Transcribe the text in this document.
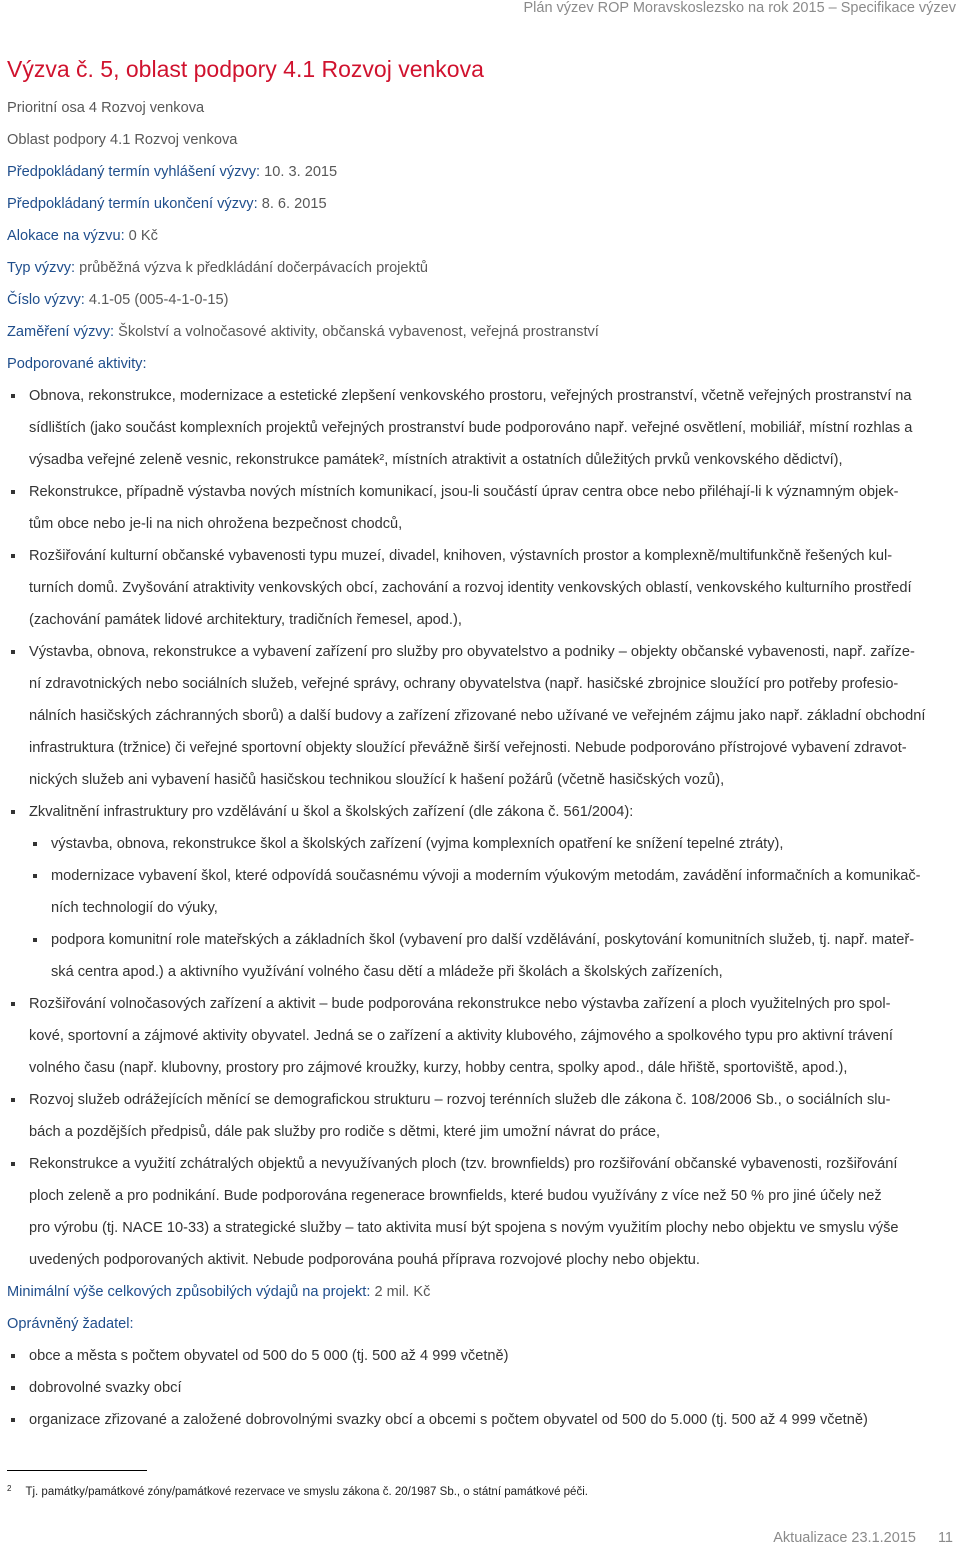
Plán výzev ROP Moravskoslezsko na rok 2015 – Specifikace výzev
Výzva č. 5, oblast podpory 4.1 Rozvoj venkova

Prioritní osa 4 Rozvoj venkova

Oblast podpory 4.1 Rozvoj venkova

Předpokládaný termín vyhlášení výzvy: 10. 3. 2015

Předpokládaný termín ukončení výzvy: 8. 6. 2015

Alokace na výzvu: 0 Kč

Typ výzvy: průběžná výzva k předkládání dočerpávacích projektů

Číslo výzvy: 4.1-05 (005-4-1-0-15)

Zaměření výzvy: Školství a volnočasové aktivity, občanská vybavenost, veřejná prostranství

Podporované aktivity:

Obnova, rekonstrukce, modernizace a estetické zlepšení venkovského prostoru, veřejných prostranství, včetně veřejných prostranství na
sídlištích (jako součást komplexních projektů veřejných prostranství bude podporováno např. veřejné osvětlení, mobiliář, místní rozhlas a
výsadba veřejné zeleně vesnic, rekonstrukce památek², místních atraktivit a ostatních důležitých prvků venkovského dědictví),
Rekonstrukce, případně výstavba nových místních komunikací, jsou-li součástí úprav centra obce nebo přiléhají-li k významným objek-
tům obce nebo je-li na nich ohrožena bezpečnost chodců,
Rozšiřování kulturní občanské vybavenosti typu muzeí, divadel, knihoven, výstavních prostor a komplexně/multifunkčně řešených kul-
turních domů. Zvyšování atraktivity venkovských obcí, zachování a rozvoj identity venkovských oblastí, venkovského kulturního prostředí
(zachování památek lidové architektury, tradičních řemesel, apod.),
Výstavba, obnova, rekonstrukce a vybavení zařízení pro služby pro obyvatelstvo a podniky – objekty občanské vybavenosti, např. zaříze-
ní zdravotnických nebo sociálních služeb, veřejné správy, ochrany obyvatelstva (např. hasičské zbrojnice sloužící pro potřeby profesio-
nálních hasičských záchranných sborů) a další budovy a zařízení zřizované nebo užívané ve veřejném zájmu jako např. základní obchodní
infrastruktura (tržnice) či veřejné sportovní objekty sloužící převážně širší veřejnosti. Nebude podporováno přístrojové vybavení zdravot-
nických služeb ani vybavení hasičů hasičskou technikou sloužící k hašení požárů (včetně hasičských vozů),
Zkvalitnění infrastruktury pro vzdělávání u škol a školských zařízení (dle zákona č. 561/2004):
výstavba, obnova, rekonstrukce škol a školských zařízení (vyjma komplexních opatření ke snížení tepelné ztráty),
modernizace vybavení škol, které odpovídá současnému vývoji a moderním výukovým metodám, zavádění informačních a komunikač-
ních technologií do výuky,
podpora komunitní role mateřských a základních škol (vybavení pro další vzdělávání, poskytování komunitních služeb, tj. např. mateř-
ská centra apod.) a aktivního využívání volného času dětí a mládeže při školách a školských zařízeních,
Rozšiřování volnočasových zařízení a aktivit – bude podporována rekonstrukce nebo výstavba zařízení a ploch využitelných pro spol-
kové, sportovní a zájmové aktivity obyvatel. Jedná se o zařízení a aktivity klubového, zájmového a spolkového typu pro aktivní trávení
volného času (např. klubovny, prostory pro zájmové kroužky, kurzy, hobby centra, spolky apod., dále hřiště, sportoviště, apod.),
Rozvoj služeb odrážejících měnící se demografickou strukturu – rozvoj terénních služeb dle zákona č. 108/2006 Sb., o sociálních slu-
bách a pozdějších předpisů, dále pak služby pro rodiče s dětmi, které jim umožní návrat do práce,
Rekonstrukce a využití zchátralých objektů a nevyužívaných ploch (tzv. brownfields) pro rozšiřování občanské vybavenosti, rozšiřování
ploch zeleně a pro podnikání. Bude podporována regenerace brownfields, které budou využívány z více než 50 % pro jiné účely než
pro výrobu (tj. NACE 10-33) a strategické služby – tato aktivita musí být spojena s novým využitím plochy nebo objektu ve smyslu výše
uvedených podporovaných aktivit. Nebude podporována pouhá příprava rozvojové plochy nebo objektu.

Minimální výše celkových způsobilých výdajů na projekt: 2 mil. Kč

Oprávněný žadatel:

obce a města s počtem obyvatel od 500 do 5 000 (tj. 500 až 4 999 včetně)
dobrovolné svazky obcí
organizace zřizované a založené dobrovolnými svazky obcí a obcemi s počtem obyvatel od 500 do 5.000 (tj. 500 až 4 999 včetně)
$^2$ Tj. památky/památkové zóny/památkové rezervace ve smyslu zákona č. 20/1987 Sb., o státní památkové péči.
Aktualizace 23.1.2015 11
